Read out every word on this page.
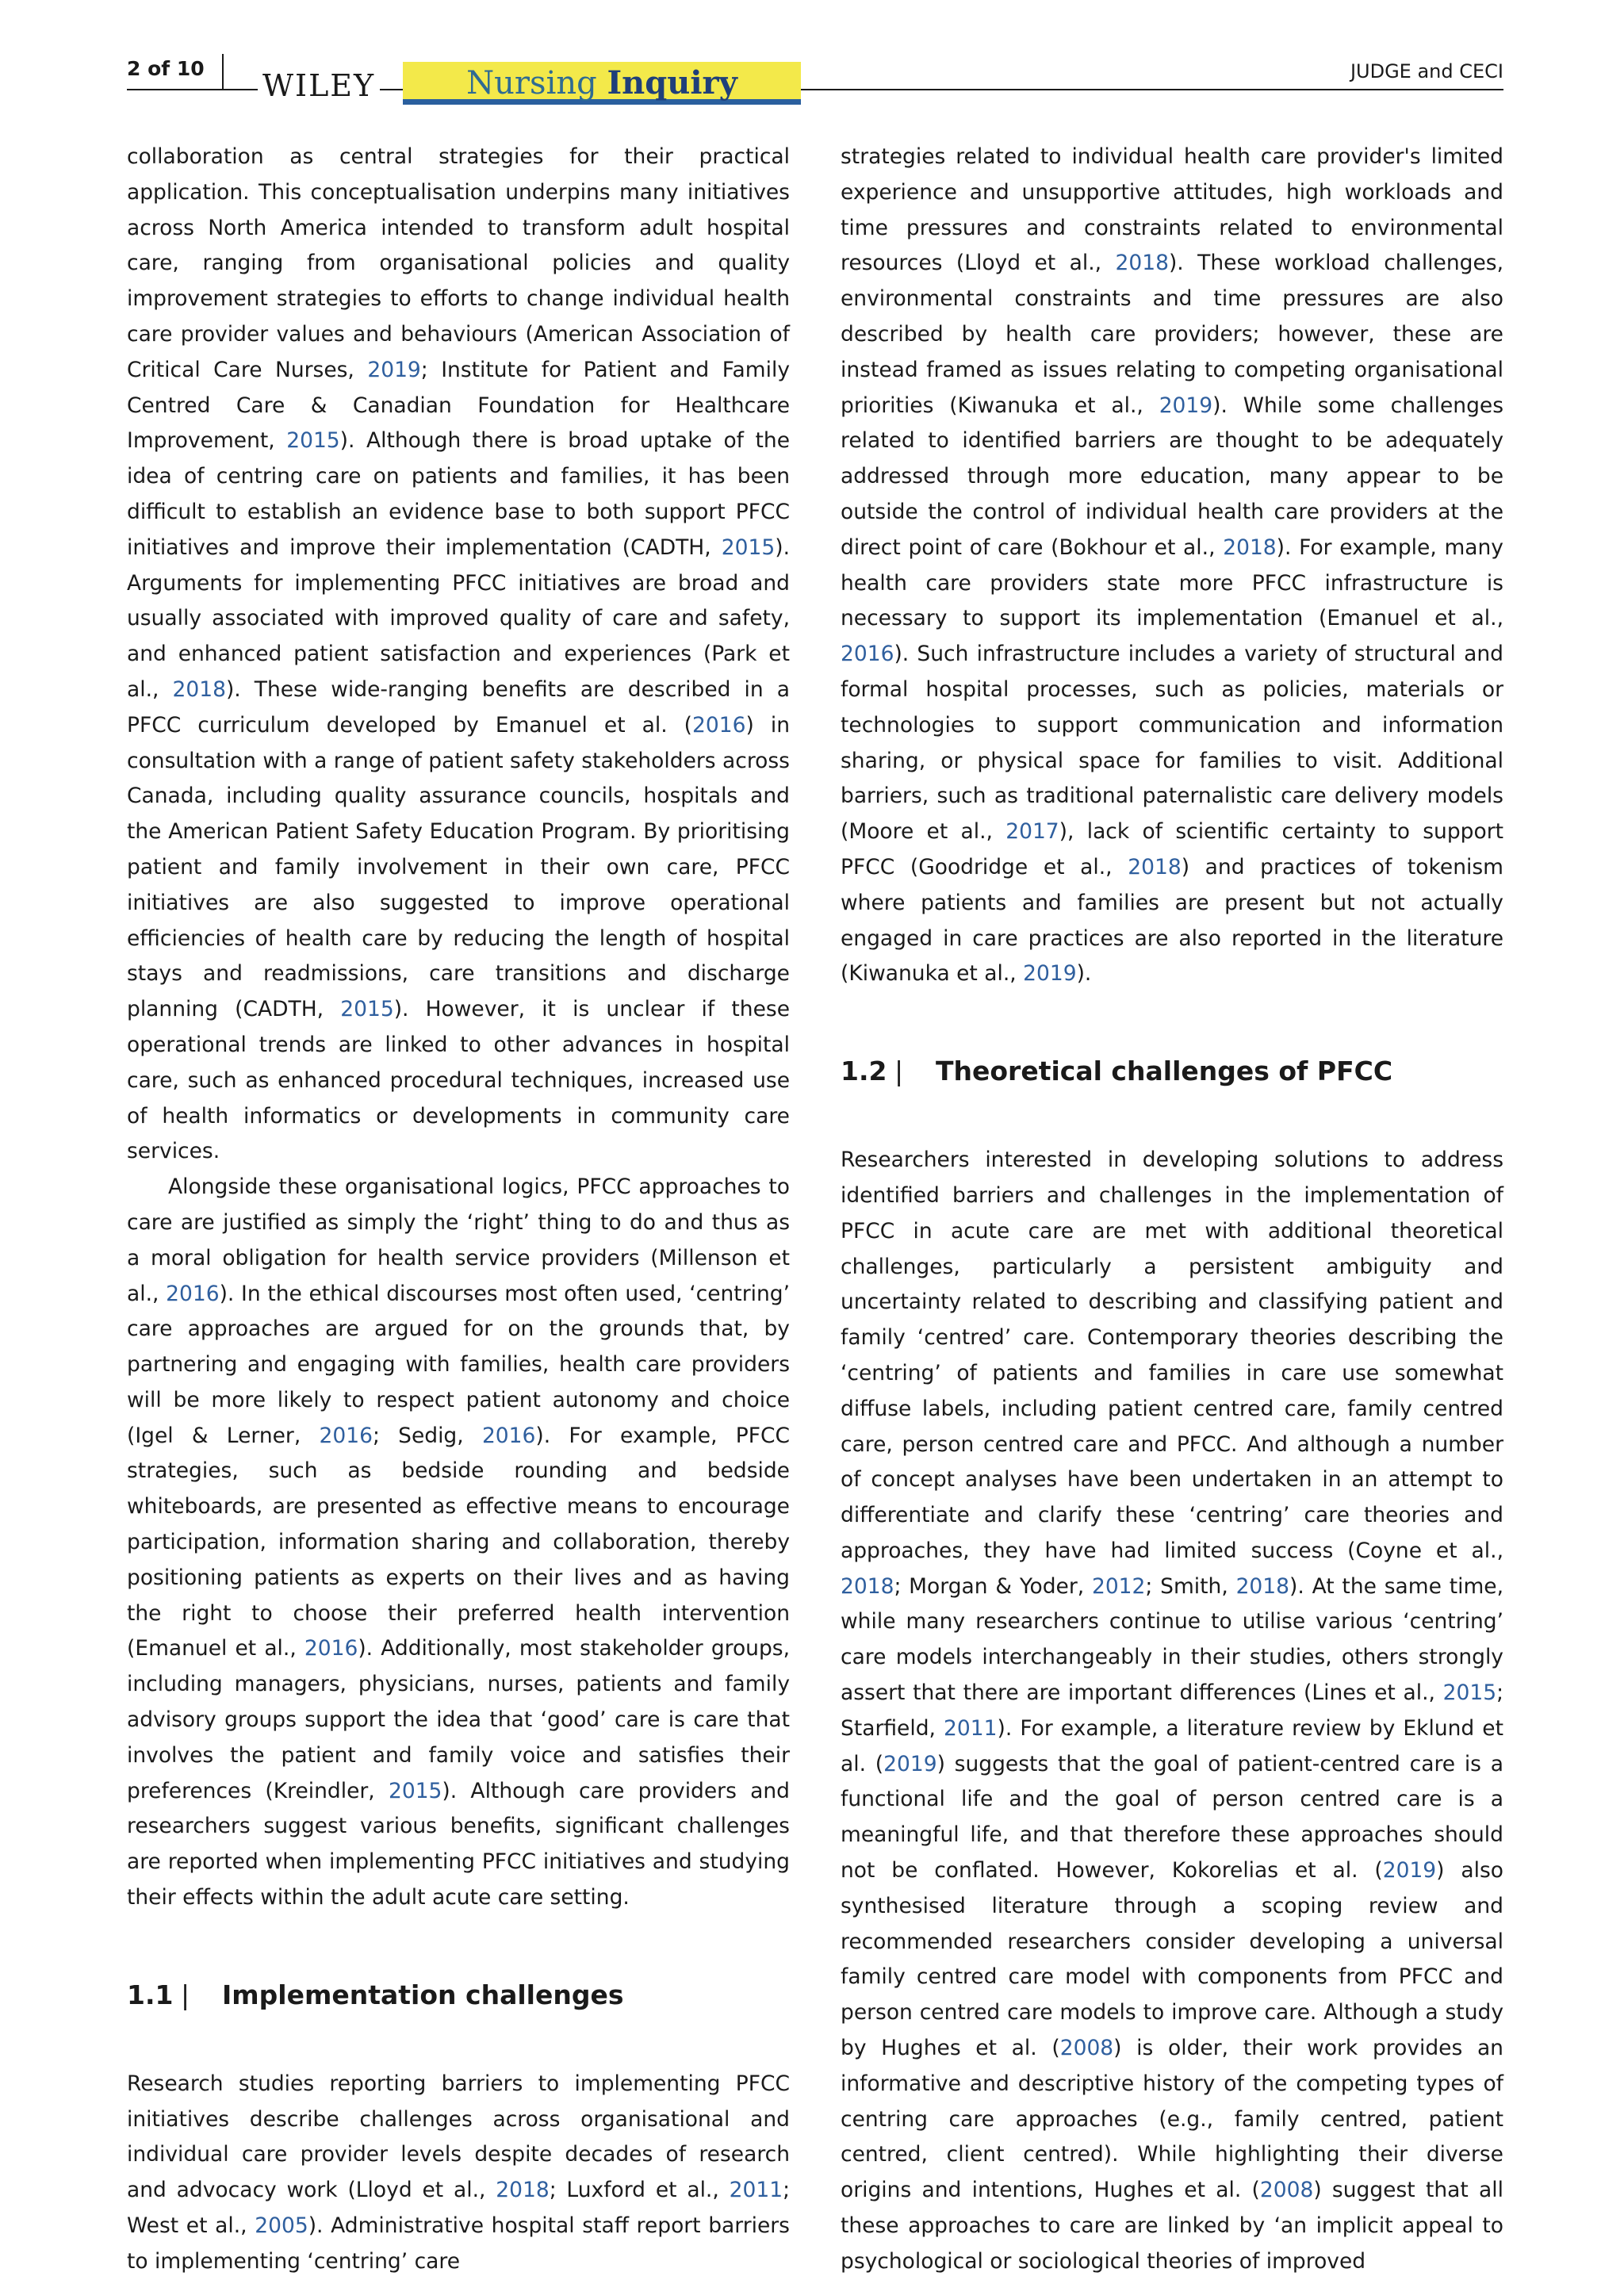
2 of 10	WILEY	Nursing Inquiry	JUDGE and CECI

collaboration as central strategies for their practical application. This conceptualisation underpins many initiatives across North America intended to transform adult hospital care, ranging from organisational policies and quality improvement strategies to efforts to change individual health care provider values and behaviours (American Association of Critical Care Nurses, 2019; Institute for Patient and Family Centred Care & Canadian Foundation for Healthcare Improvement, 2015). Although there is broad uptake of the idea of centring care on patients and families, it has been difficult to establish an evidence base to both support PFCC initiatives and improve their implementation (CADTH, 2015). Arguments for implementing PFCC initiatives are broad and usually associated with improved quality of care and safety, and enhanced patient satisfaction and experiences (Park et al., 2018). These wide-ranging benefits are described in a PFCC curriculum developed by Emanuel et al. (2016) in consultation with a range of patient safety stakeholders across Canada, including quality assurance councils, hospitals and the American Patient Safety Education Program. By prioritising patient and family involvement in their own care, PFCC initiatives are also suggested to improve operational efficiencies of health care by reducing the length of hospital stays and readmissions, care transitions and discharge planning (CADTH, 2015). However, it is unclear if these operational trends are linked to other advances in hospital care, such as enhanced procedural techniques, increased use of health informatics or developments in community care services.

Alongside these organisational logics, PFCC approaches to care are justified as simply the ‘right’ thing to do and thus as a moral obligation for health service providers (Millenson et al., 2016). In the ethical discourses most often used, ‘centring’ care approaches are argued for on the grounds that, by partnering and engaging with families, health care providers will be more likely to respect patient autonomy and choice (Igel & Lerner, 2016; Sedig, 2016). For example, PFCC strategies, such as bedside rounding and bedside whiteboards, are presented as effective means to encourage participation, information sharing and collaboration, thereby positioning patients as experts on their lives and as having the right to choose their preferred health intervention (Emanuel et al., 2016). Additionally, most stakeholder groups, including managers, physicians, nurses, patients and family advisory groups support the idea that ‘good’ care is care that involves the patient and family voice and satisfies their preferences (Kreindler, 2015). Although care providers and researchers suggest various benefits, significant challenges are reported when implementing PFCC initiatives and studying their effects within the adult acute care setting.

1.1 | Implementation challenges

Research studies reporting barriers to implementing PFCC initiatives describe challenges across organisational and individual care provider levels despite decades of research and advocacy work (Lloyd et al., 2018; Luxford et al., 2011; West et al., 2005). Administrative hospital staff report barriers to implementing ‘centring’ care

strategies related to individual health care provider's limited experience and unsupportive attitudes, high workloads and time pressures and constraints related to environmental resources (Lloyd et al., 2018). These workload challenges, environmental constraints and time pressures are also described by health care providers; however, these are instead framed as issues relating to competing organisational priorities (Kiwanuka et al., 2019). While some challenges related to identified barriers are thought to be adequately addressed through more education, many appear to be outside the control of individual health care providers at the direct point of care (Bokhour et al., 2018). For example, many health care providers state more PFCC infrastructure is necessary to support its implementation (Emanuel et al., 2016). Such infrastructure includes a variety of structural and formal hospital processes, such as policies, materials or technologies to support communication and information sharing, or physical space for families to visit. Additional barriers, such as traditional paternalistic care delivery models (Moore et al., 2017), lack of scientific certainty to support PFCC (Goodridge et al., 2018) and practices of tokenism where patients and families are present but not actually engaged in care practices are also reported in the literature (Kiwanuka et al., 2019).

1.2 | Theoretical challenges of PFCC

Researchers interested in developing solutions to address identified barriers and challenges in the implementation of PFCC in acute care are met with additional theoretical challenges, particularly a persistent ambiguity and uncertainty related to describing and classifying patient and family ‘centred’ care. Contemporary theories describing the ‘centring’ of patients and families in care use somewhat diffuse labels, including patient centred care, family centred care, person centred care and PFCC. And although a number of concept analyses have been undertaken in an attempt to differentiate and clarify these ‘centring’ care theories and approaches, they have had limited success (Coyne et al., 2018; Morgan & Yoder, 2012; Smith, 2018). At the same time, while many researchers continue to utilise various ‘centring’ care models interchangeably in their studies, others strongly assert that there are important differences (Lines et al., 2015; Starfield, 2011). For example, a literature review by Eklund et al. (2019) suggests that the goal of patient-centred care is a functional life and the goal of person centred care is a meaningful life, and that therefore these approaches should not be conflated. However, Kokorelias et al. (2019) also synthesised literature through a scoping review and recommended researchers consider developing a universal family centred care model with components from PFCC and person centred care models to improve care. Although a study by Hughes et al. (2008) is older, their work provides an informative and descriptive history of the competing types of centring care approaches (e.g., family centred, patient centred, client centred). While highlighting their diverse origins and intentions, Hughes et al. (2008) suggest that all these approaches to care are linked by ‘an implicit appeal to psychological or sociological theories of improved
